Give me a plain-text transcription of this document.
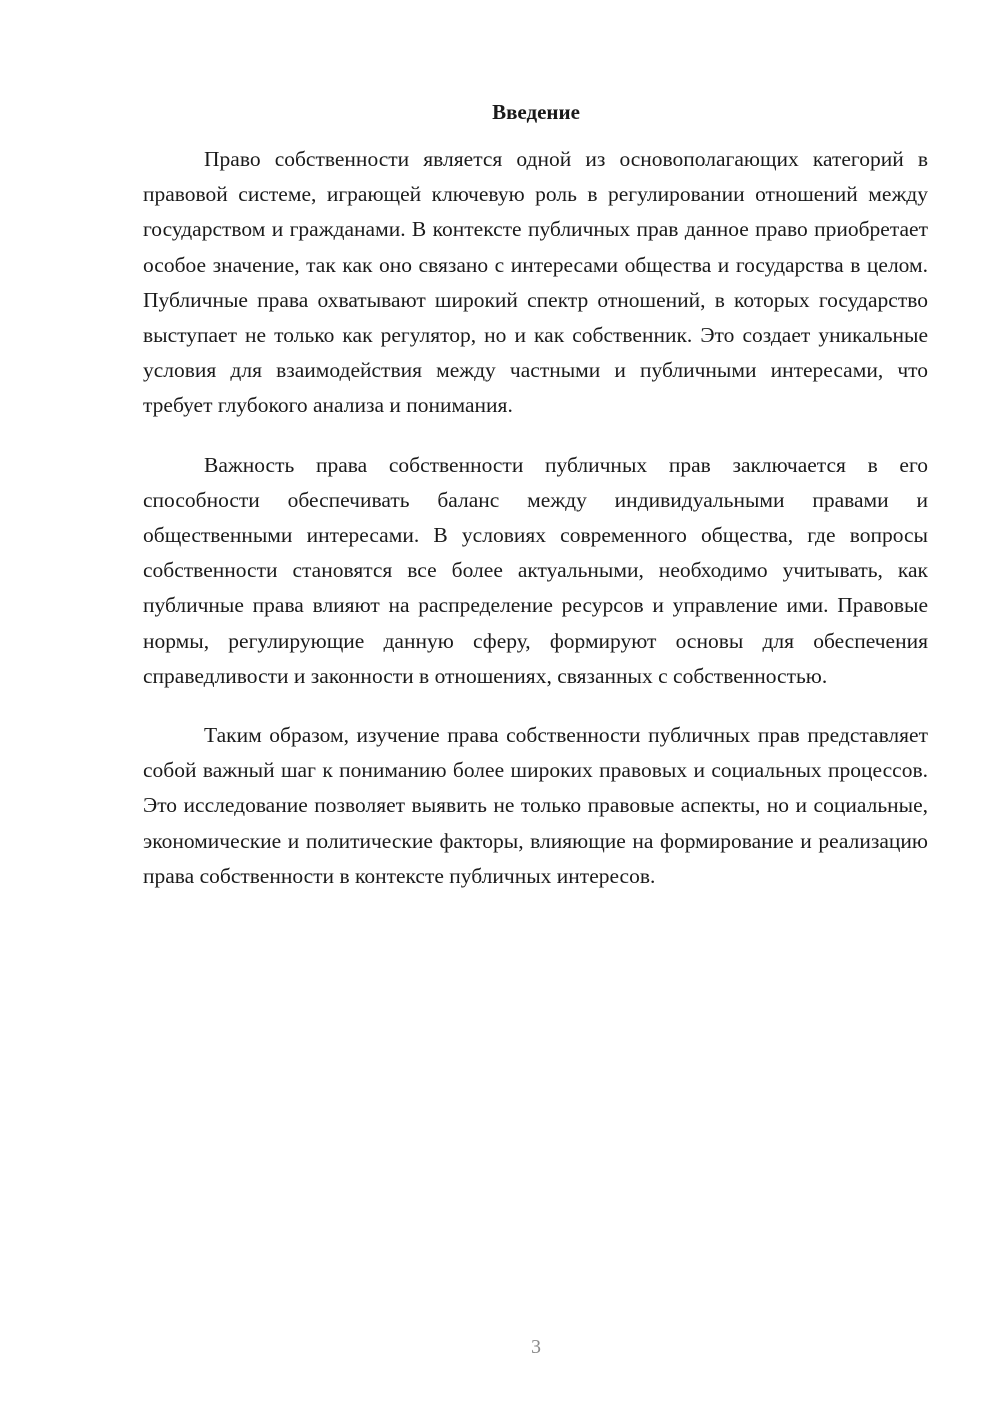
Введение

Право собственности является одной из основополагающих категорий в правовой системе, играющей ключевую роль в регулировании отношений между государством и гражданами. В контексте публичных прав данное право приобретает особое значение, так как оно связано с интересами общества и государства в целом. Публичные права охватывают широкий спектр отношений, в которых государство выступает не только как регулятор, но и как собственник. Это создает уникальные условия для взаимодействия между частными и публичными интересами, что требует глубокого анализа и понимания.

Важность права собственности публичных прав заключается в его способности обеспечивать баланс между индивидуальными правами и общественными интересами. В условиях современного общества, где вопросы собственности становятся все более актуальными, необходимо учитывать, как публичные права влияют на распределение ресурсов и управление ими. Правовые нормы, регулирующие данную сферу, формируют основы для обеспечения справедливости и законности в отношениях, связанных с собственностью.

Таким образом, изучение права собственности публичных прав представляет собой важный шаг к пониманию более широких правовых и социальных процессов. Это исследование позволяет выявить не только правовые аспекты, но и социальные, экономические и политические факторы, влияющие на формирование и реализацию права собственности в контексте публичных интересов.

3
